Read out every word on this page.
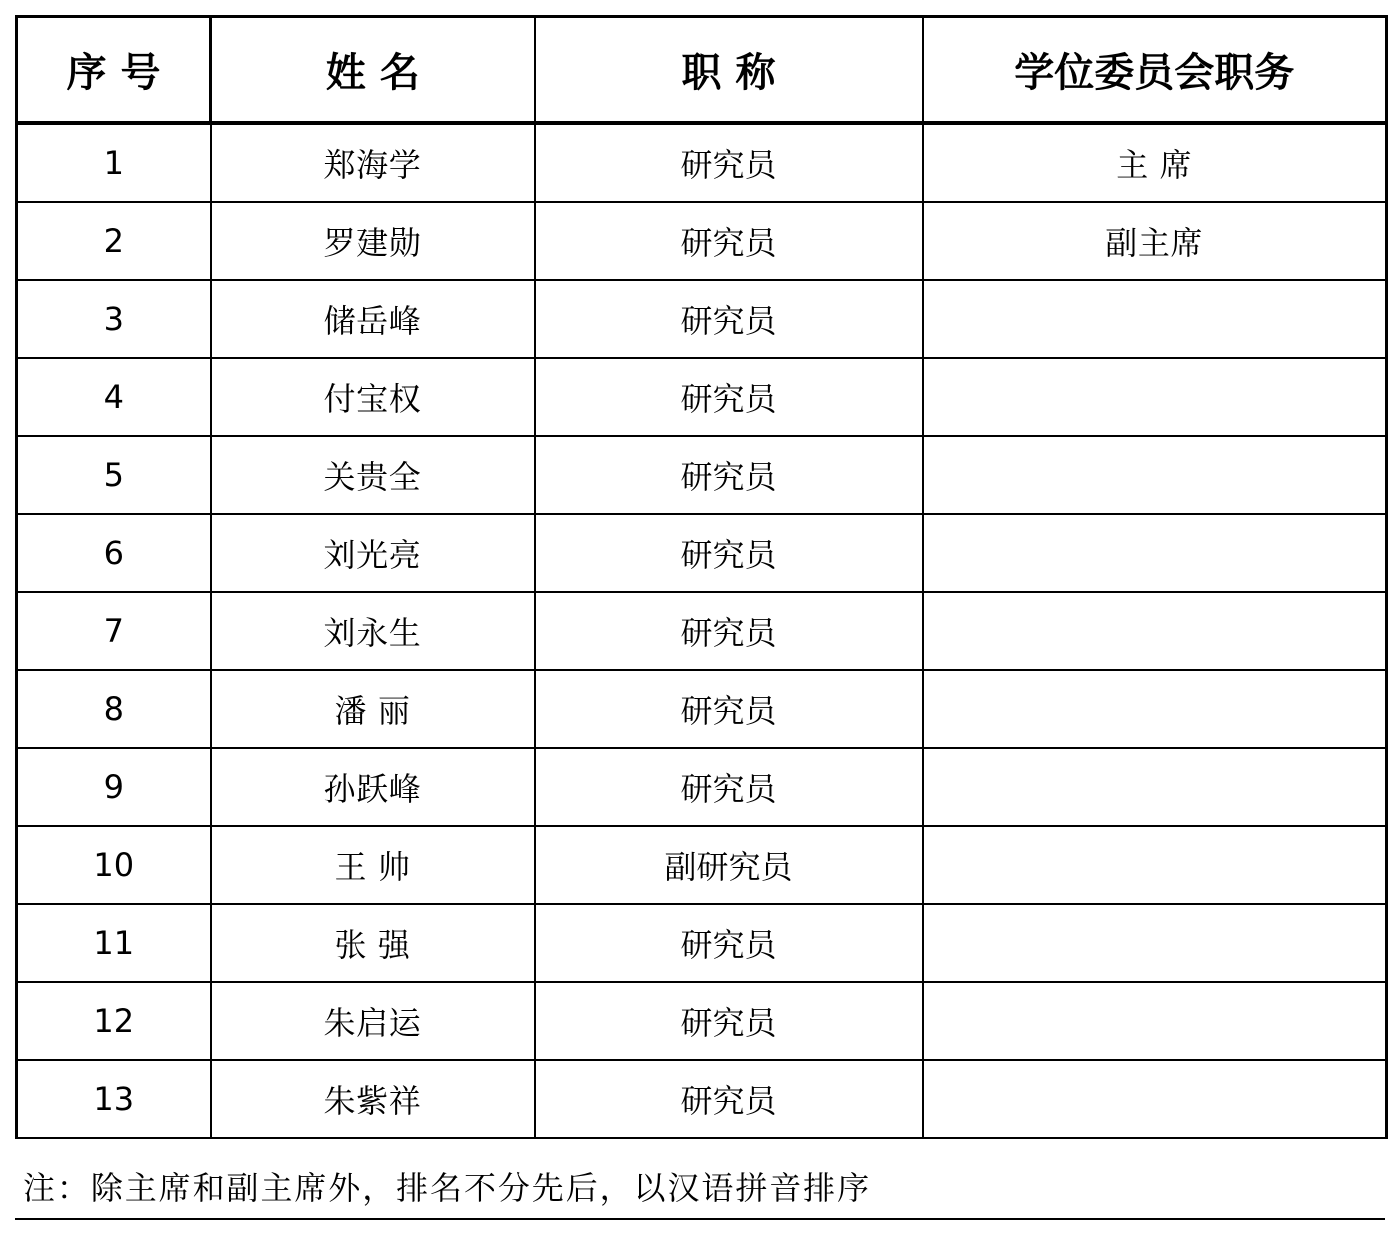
序号	姓名	职称	学位委员会职务
1	郑海学	研究员	主 席
2	罗建勋	研究员	副主席
3	储岳峰	研究员	
4	付宝权	研究员	
5	关贵全	研究员	
6	刘光亮	研究员	
7	刘永生	研究员	
8	潘 丽	研究员	
9	孙跃峰	研究员	
10	王 帅	副研究员	
11	张 强	研究员	
12	朱启运	研究员	
13	朱紫祥	研究员	
注：除主席和副主席外，排名不分先后，以汉语拼音排序
